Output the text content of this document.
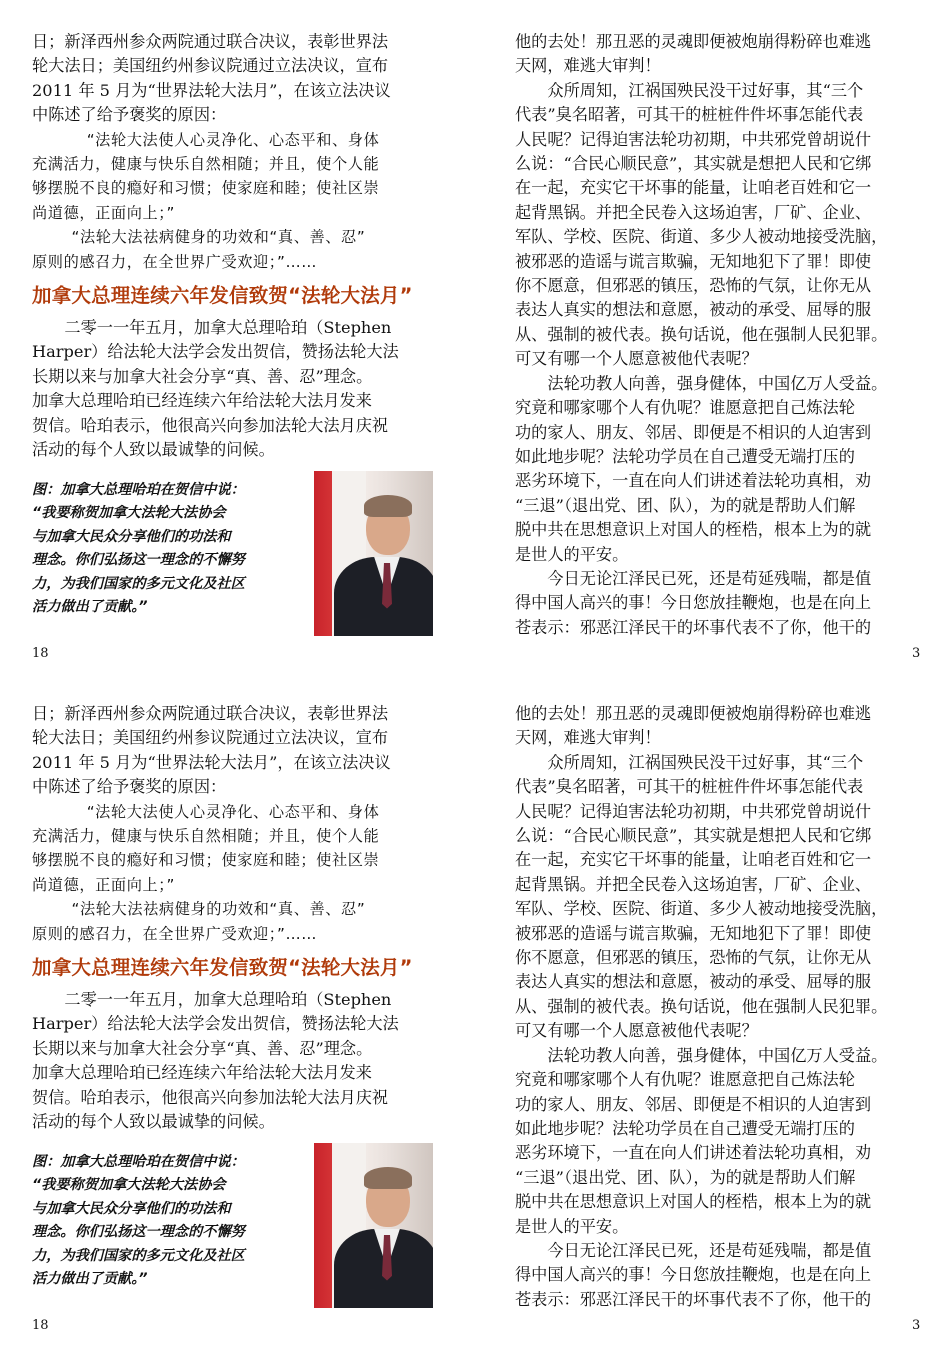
日；新泽西州参众两院通过联合决议，表彰世界法
轮大法日；美国纽约州参议院通过立法决议，宣布
2011 年 5 月为“世界法轮大法月”，在该立法决议
中陈述了给予褒奖的原因：

“法轮大法使人心灵净化、心态平和、身体
充满活力，健康与快乐自然相随；并且，使个人能
够摆脱不良的瘾好和习惯；使家庭和睦；使社区崇
尚道德，正面向上；”

“法轮大法祛病健身的功效和“真、善、忍”
原则的感召力，在全世界广受欢迎；”……

加拿大总理连续六年发信致贺“法轮大法月”

二零一一年五月，加拿大总理哈珀（Stephen
Harper）给法轮大法学会发出贺信，赞扬法轮大法
长期以来与加拿大社会分享“真、善、忍”理念。
加拿大总理哈珀已经连续六年给法轮大法月发来
贺信。哈珀表示，他很高兴向参加法轮大法月庆祝
活动的每个人致以最诚挚的问候。

图：加拿大总理哈珀在贺信中说：
“我要称贺加拿大法轮大法协会
与加拿大民众分享他们的功法和
理念。你们弘扬这一理念的不懈努
力，为我们国家的多元文化及社区
活力做出了贡献。”
18

他的去处！那丑恶的灵魂即便被炮崩得粉碎也难逃
天网，难逃大审判！

众所周知，江祸国殃民没干过好事，其“三个
代表”臭名昭著，可其干的桩桩件件坏事怎能代表
人民呢？记得迫害法轮功初期，中共邪党曾胡说什
么说：“合民心顺民意”，其实就是想把人民和它绑
在一起，充实它干坏事的能量，让咱老百姓和它一
起背黑锅。并把全民卷入这场迫害，厂矿、企业、
军队、学校、医院、街道、多少人被动地接受洗脑，
被邪恶的造谣与谎言欺骗，无知地犯下了罪！即使
你不愿意，但邪恶的镇压，恐怖的气氛，让你无从
表达人真实的想法和意愿，被动的承受、屈辱的服
从、强制的被代表。换句话说，他在强制人民犯罪。
可又有哪一个人愿意被他代表呢？

法轮功教人向善，强身健体，中国亿万人受益。
究竟和哪家哪个人有仇呢？谁愿意把自己炼法轮
功的家人、朋友、邻居、即便是不相识的人迫害到
如此地步呢？法轮功学员在自己遭受无端打压的
恶劣环境下，一直在向人们讲述着法轮功真相，劝
“三退”（退出党、团、队），为的就是帮助人们解
脱中共在思想意识上对国人的桎梏，根本上为的就
是世人的平安。

今日无论江泽民已死，还是苟延残喘，都是值
得中国人高兴的事！今日您放挂鞭炮，也是在向上
苍表示：邪恶江泽民干的坏事代表不了你，他干的

3

日；新泽西州参众两院通过联合决议，表彰世界法
轮大法日；美国纽约州参议院通过立法决议，宣布
2011 年 5 月为“世界法轮大法月”，在该立法决议
中陈述了给予褒奖的原因：

“法轮大法使人心灵净化、心态平和、身体
充满活力，健康与快乐自然相随；并且，使个人能
够摆脱不良的瘾好和习惯；使家庭和睦；使社区崇
尚道德，正面向上；”

“法轮大法祛病健身的功效和“真、善、忍”
原则的感召力，在全世界广受欢迎；”……

加拿大总理连续六年发信致贺“法轮大法月”

二零一一年五月，加拿大总理哈珀（Stephen
Harper）给法轮大法学会发出贺信，赞扬法轮大法
长期以来与加拿大社会分享“真、善、忍”理念。
加拿大总理哈珀已经连续六年给法轮大法月发来
贺信。哈珀表示，他很高兴向参加法轮大法月庆祝
活动的每个人致以最诚挚的问候。

图：加拿大总理哈珀在贺信中说：
“我要称贺加拿大法轮大法协会
与加拿大民众分享他们的功法和
理念。你们弘扬这一理念的不懈努
力，为我们国家的多元文化及社区
活力做出了贡献。”
18

他的去处！那丑恶的灵魂即便被炮崩得粉碎也难逃
天网，难逃大审判！

众所周知，江祸国殃民没干过好事，其“三个
代表”臭名昭著，可其干的桩桩件件坏事怎能代表
人民呢？记得迫害法轮功初期，中共邪党曾胡说什
么说：“合民心顺民意”，其实就是想把人民和它绑
在一起，充实它干坏事的能量，让咱老百姓和它一
起背黑锅。并把全民卷入这场迫害，厂矿、企业、
军队、学校、医院、街道、多少人被动地接受洗脑，
被邪恶的造谣与谎言欺骗，无知地犯下了罪！即使
你不愿意，但邪恶的镇压，恐怖的气氛，让你无从
表达人真实的想法和意愿，被动的承受、屈辱的服
从、强制的被代表。换句话说，他在强制人民犯罪。
可又有哪一个人愿意被他代表呢？

法轮功教人向善，强身健体，中国亿万人受益。
究竟和哪家哪个人有仇呢？谁愿意把自己炼法轮
功的家人、朋友、邻居、即便是不相识的人迫害到
如此地步呢？法轮功学员在自己遭受无端打压的
恶劣环境下，一直在向人们讲述着法轮功真相，劝
“三退”（退出党、团、队），为的就是帮助人们解
脱中共在思想意识上对国人的桎梏，根本上为的就
是世人的平安。

今日无论江泽民已死，还是苟延残喘，都是值
得中国人高兴的事！今日您放挂鞭炮，也是在向上
苍表示：邪恶江泽民干的坏事代表不了你，他干的

3
